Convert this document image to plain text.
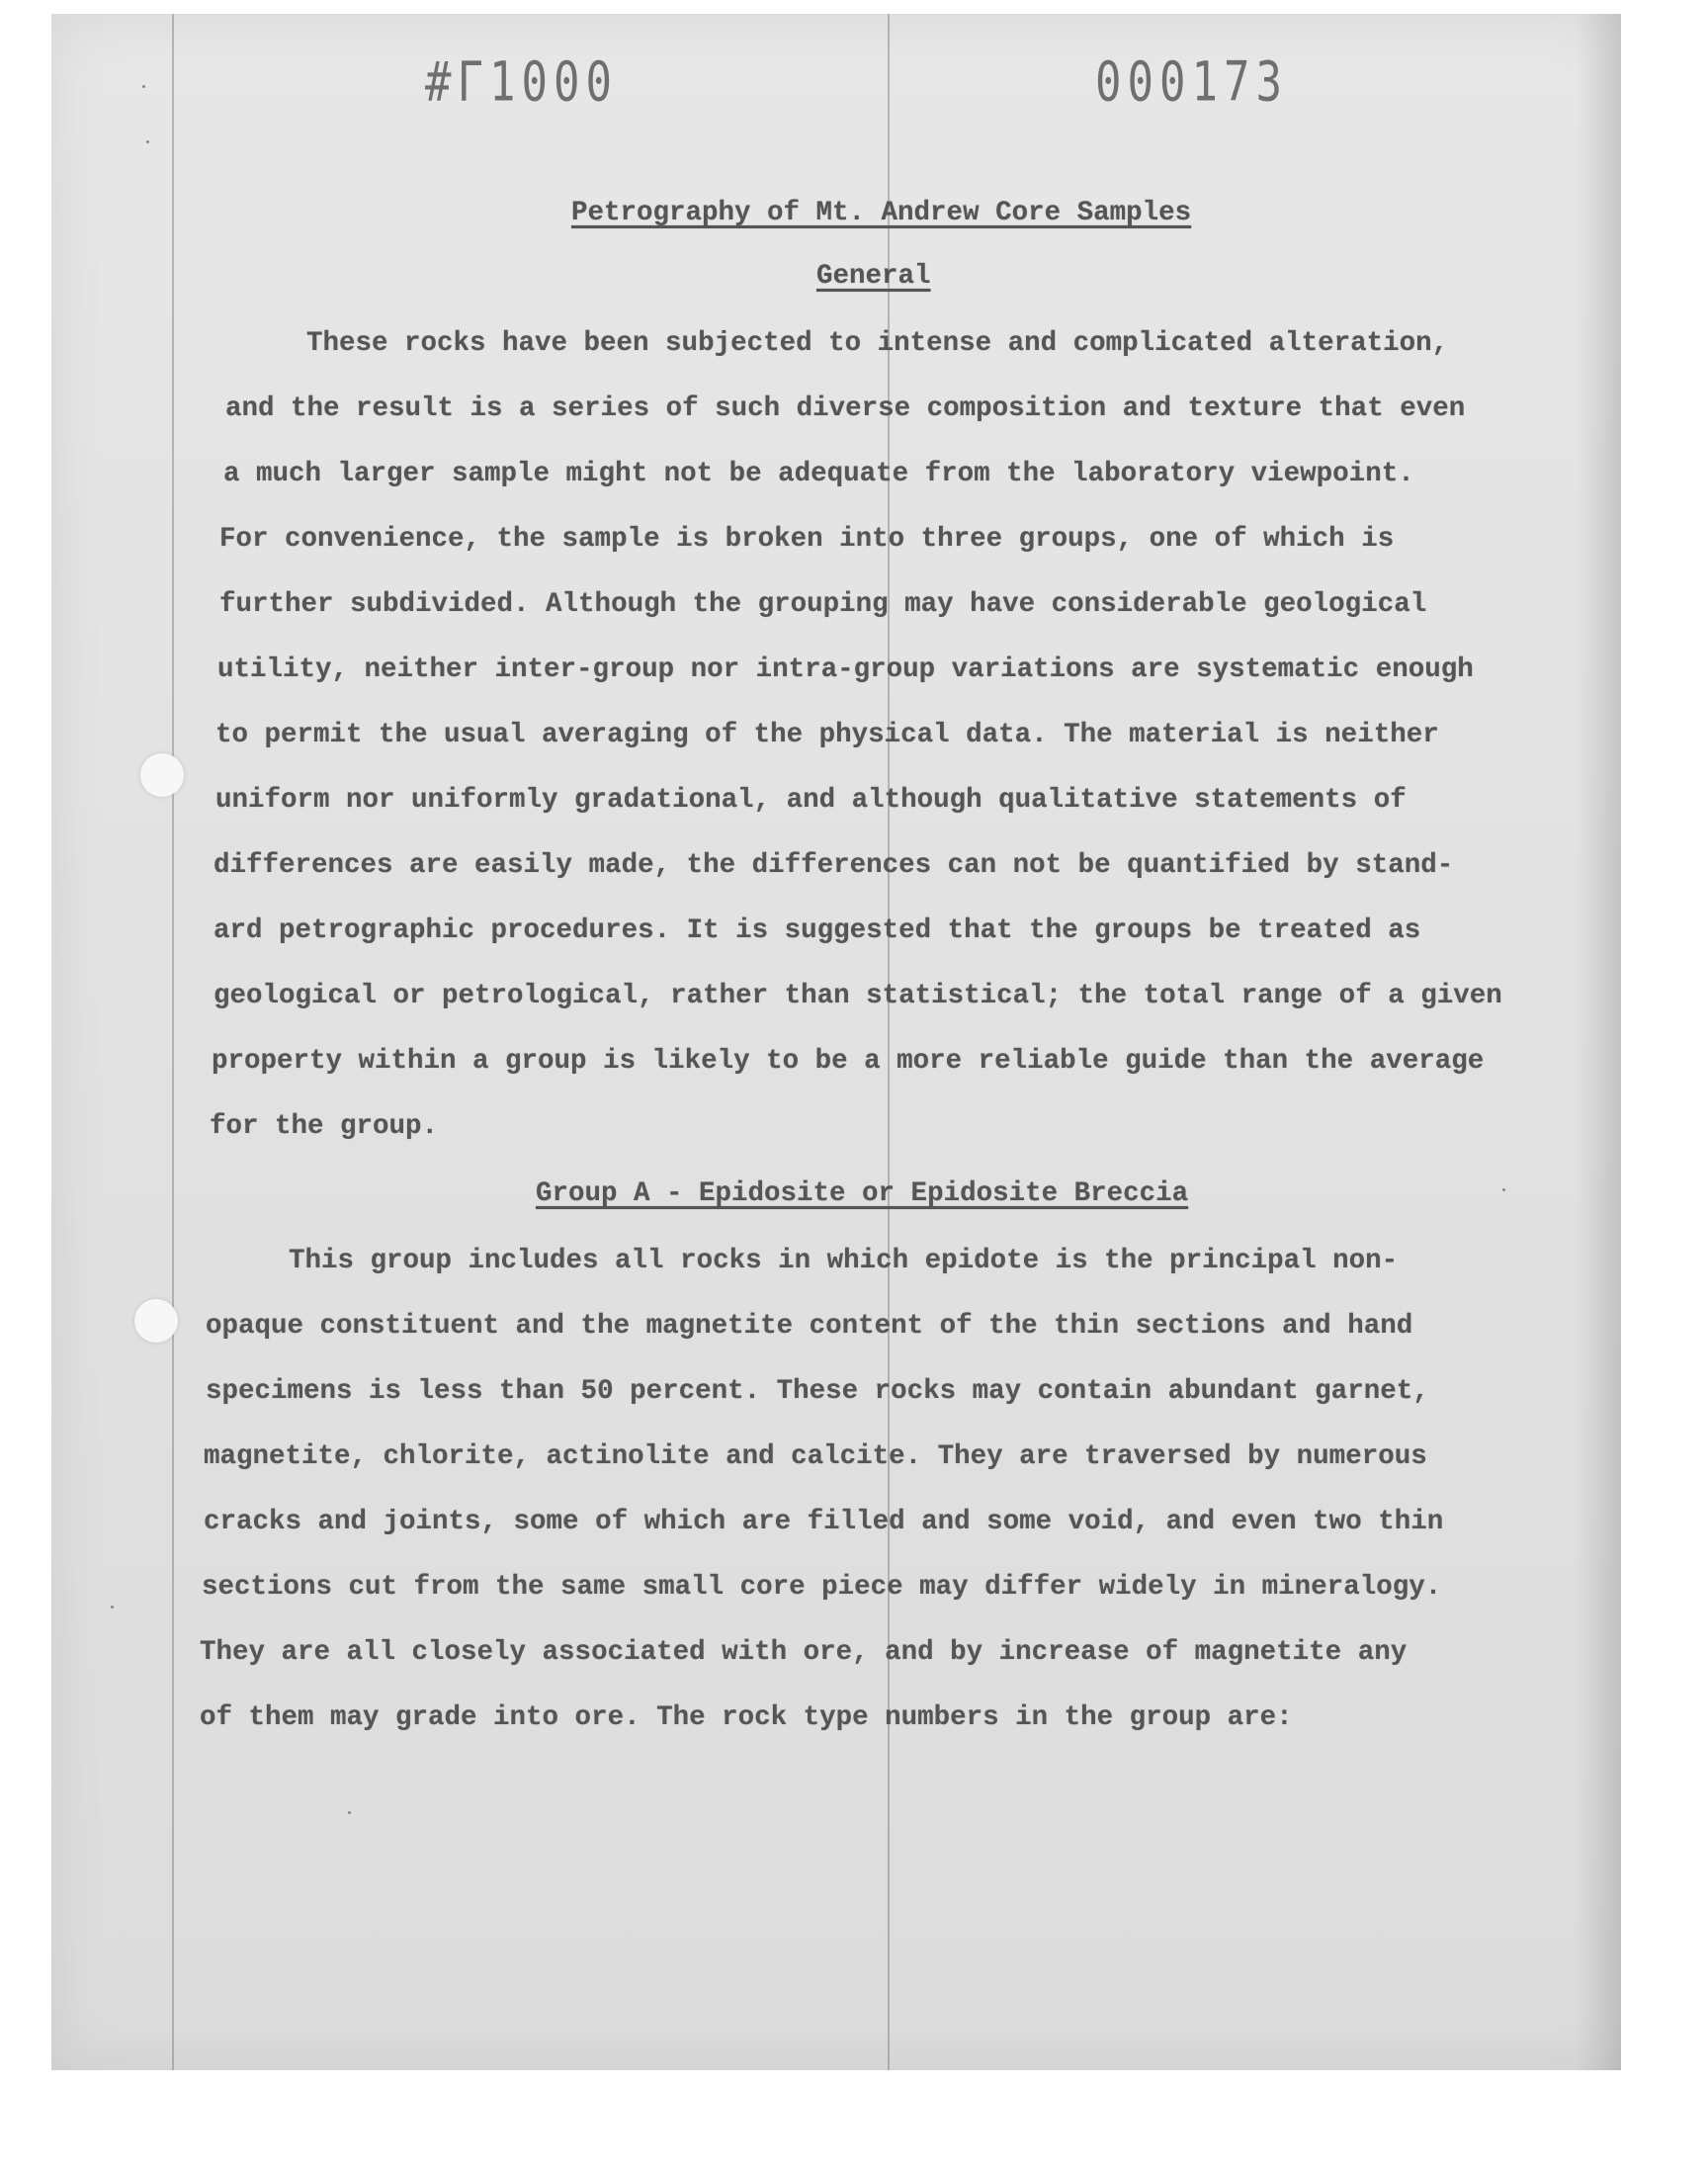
#Γ1000	000173
Petrography of Mt. Andrew Core Samples
General
These rocks have been subjected to intense and complicated alteration,
and the result is a series of such diverse composition and texture that even
a much larger sample might not be adequate from the laboratory viewpoint.
For convenience, the sample is broken into three groups, one of which is
further subdivided. Although the grouping may have considerable geological
utility, neither inter-group nor intra-group variations are systematic enough
to permit the usual averaging of the physical data. The material is neither
uniform nor uniformly gradational, and although qualitative statements of
differences are easily made, the differences can not be quantified by stand-
ard petrographic procedures. It is suggested that the groups be treated as
geological or petrological, rather than statistical; the total range of a given
property within a group is likely to be a more reliable guide than the average
for the group.
Group A - Epidosite or Epidosite Breccia
This group includes all rocks in which epidote is the principal non-
opaque constituent and the magnetite content of the thin sections and hand
specimens is less than 50 percent. These rocks may contain abundant garnet,
magnetite, chlorite, actinolite and calcite. They are traversed by numerous
cracks and joints, some of which are filled and some void, and even two thin
sections cut from the same small core piece may differ widely in mineralogy.
They are all closely associated with ore, and by increase of magnetite any
of them may grade into ore. The rock type numbers in the group are:
